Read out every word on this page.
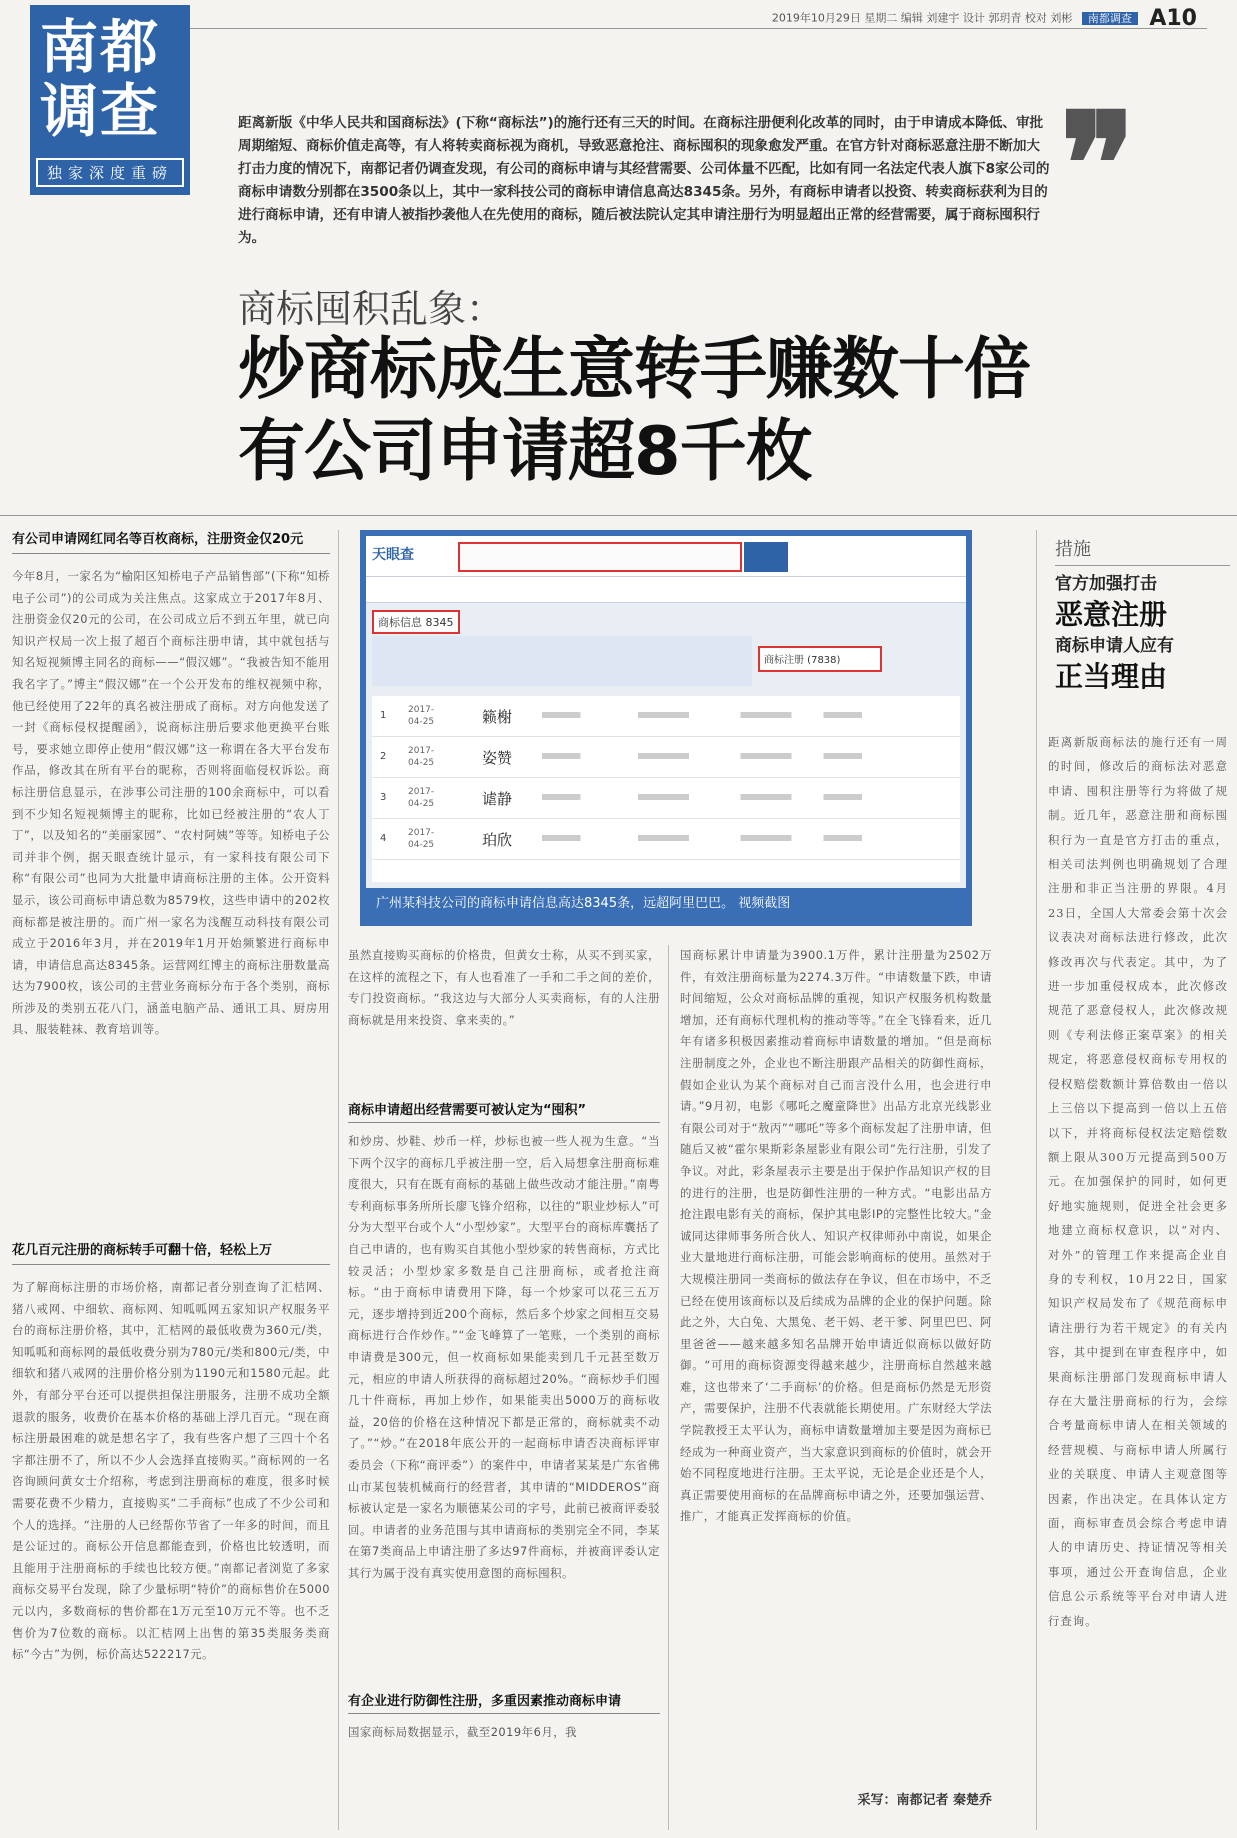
南都调查
独家深度重磅
2019年10月29日 星期二 编辑 刘建宇 设计 郭玥青 校对 刘彬 南都调查 A10
距离新版《中华人民共和国商标法》(下称“商标法”)的施行还有三天的时间。在商标注册便利化改革的同时，由于申请成本降低、审批周期缩短、商标价值走高等，有人将转卖商标视为商机，导致恶意抢注、商标囤积的现象愈发严重。在官方针对商标恶意注册不断加大打击力度的情况下，南都记者仍调查发现，有公司的商标申请与其经营需要、公司体量不匹配，比如有同一名法定代表人旗下8家公司的商标申请数分别都在3500条以上，其中一家科技公司的商标申请信息高达8345条。另外，有商标申请者以投资、转卖商标获利为目的进行商标申请，还有申请人被指抄袭他人在先使用的商标，随后被法院认定其申请注册行为明显超出正常的经营需要，属于商标囤积行为。	❞
商标囤积乱象：
炒商标成生意转手赚数十倍
有公司申请超8千枚
有公司申请网红同名等百枚商标，注册资金仅20元
今年8月，一家名为“榆阳区知桥电子产品销售部”(下称“知桥电子公司”)的公司成为关注焦点。这家成立于2017年8月、注册资金仅20元的公司，在公司成立后不到五年里，就已向知识产权局一次上报了超百个商标注册申请，其中就包括与知名短视频博主同名的商标——“假汉娜”。“我被告知不能用我名字了。”博主“假汉娜”在一个公开发布的维权视频中称，他已经使用了22年的真名被注册成了商标。对方向他发送了一封《商标侵权提醒函》，说商标注册后要求他更换平台账号，要求她立即停止使用“假汉娜”这一称谓在各大平台发布作品，修改其在所有平台的昵称，否则将面临侵权诉讼。商标注册信息显示，在涉事公司注册的100余商标中，可以看到不少知名短视频博主的昵称，比如已经被注册的“农人丁丁”，以及知名的“美丽家园”、“农村阿姨”等等。知桥电子公司并非个例，据天眼查统计显示，有一家科技有限公司下称“有限公司”也同为大批量申请商标注册的主体。公开资料显示，该公司商标申请总数为8579枚，这些申请中的202枚商标都是被注册的。而广州一家名为浅醒互动科技有限公司成立于2016年3月，并在2019年1月开始频繁进行商标申请，申请信息高达8345条。运营网红博主的商标注册数量高达为7900枚，该公司的主营业务商标分布于各个类别，商标所涉及的类别五花八门，涵盖电脑产品、通讯工具、厨房用具、服装鞋袜、教育培训等。
花几百元注册的商标转手可翻十倍，轻松上万
为了解商标注册的市场价格，南都记者分别查询了汇桔网、猪八戒网、中细软、商标网、知呱呱网五家知识产权服务平台的商标注册价格，其中，汇桔网的最低收费为360元/类，知呱呱和商标网的最低收费分别为780元/类和800元/类，中细软和猪八戒网的注册价格分别为1190元和1580元起。此外，有部分平台还可以提供担保注册服务，注册不成功全额退款的服务，收费价在基本价格的基础上浮几百元。“现在商标注册最困难的就是想名字了，我有些客户想了三四十个名字都注册不了，所以不少人会选择直接购买。”商标网的一名咨询顾问黄女士介绍称，考虑到注册商标的难度，很多时候需要花费不少精力，直接购买“二手商标”也成了不少公司和个人的选择。“注册的人已经帮你节省了一年多的时间，而且是公证过的。商标公开信息都能查到，价格也比较透明，而且能用于注册商标的手续也比较方便。”南都记者浏览了多家商标交易平台发现，除了少量标明“特价”的商标售价在5000元以内，多数商标的售价都在1万元至10万元不等。也不乏售价为7位数的商标。以汇桔网上出售的第35类服务类商标“今古”为例，标价高达522217元。
天眼查
商标信息 8345
商标注册 (7838)
1 2017-04-25	籁榭
2 2017-04-25	姿赞
3 2017-04-25	谑静
4 2017-04-25	珀欣
广州某科技公司的商标申请信息高达8345条，远超阿里巴巴。 视频截图
虽然直接购买商标的价格贵，但黄女士称，从买不到买家，在这样的流程之下，有人也看准了一手和二手之间的差价，专门投资商标。“我这边与大部分人买卖商标，有的人注册商标就是用来投资、拿来卖的。”
商标申请超出经营需要可被认定为“囤积”
和炒房、炒鞋、炒币一样，炒标也被一些人视为生意。“当下两个汉字的商标几乎被注册一空，后入局想拿注册商标难度很大，只有在既有商标的基础上做些改动才能注册。”南粤专利商标事务所所长廖飞锋介绍称，以往的“职业炒标人”可分为大型平台或个人“小型炒家”。大型平台的商标库囊括了自己申请的，也有购买自其他小型炒家的转售商标，方式比较灵活；小型炒家多数是自己注册商标，或者抢注商标。“由于商标申请费用下降，每一个炒家可以花三五万元，逐步增持到近200个商标，然后多个炒家之间相互交易商标进行合作炒作。”“金飞峰算了一笔账，一个类别的商标申请费是300元，但一枚商标如果能卖到几千元甚至数万元，相应的申请人所获得的商标超过20%。“商标炒手们囤几十件商标，再加上炒作，如果能卖出5000万的商标收益，20倍的价格在这种情况下都是正常的，商标就卖不动了。”“炒。”在2018年底公开的一起商标申请否决商标评审委员会（下称“商评委”）的案件中，申请者某某是广东省佛山市某包装机械商行的经营者，其申请的“MIDDEROS”商标被认定是一家名为顺德某公司的字号，此前已被商评委驳回。申请者的业务范围与其申请商标的类别完全不同，李某在第7类商品上申请注册了多达97件商标，并被商评委认定其行为属于没有真实使用意图的商标囤积。
有企业进行防御性注册，多重因素推动商标申请
国家商标局数据显示，截至2019年6月，我
国商标累计申请量为3900.1万件，累计注册量为2502万件，有效注册商标量为2274.3万件。“申请数量下跌，申请时间缩短，公众对商标品牌的重视，知识产权服务机构数量增加，还有商标代理机构的推动等等。”在全飞锋看来，近几年有诸多积极因素推动着商标申请数量的增加。“但是商标注册制度之外，企业也不断注册跟产品相关的防御性商标，假如企业认为某个商标对自己而言没什么用，也会进行申请。”9月初，电影《哪吒之魔童降世》出品方北京光线影业有限公司对于“敖丙”“哪吒”等多个商标发起了注册申请，但随后又被“霍尔果斯彩条屋影业有限公司”先行注册，引发了争议。对此，彩条屋表示主要是出于保护作品知识产权的目的进行的注册，也是防御性注册的一种方式。“电影出品方抢注跟电影有关的商标，保护其电影IP的完整性比较大。”金诚同达律师事务所合伙人、知识产权律师孙中南说，如果企业大量地进行商标注册，可能会影响商标的使用。虽然对于大规模注册同一类商标的做法存在争议，但在市场中，不乏已经在使用该商标以及后续成为品牌的企业的保护问题。除此之外，大白兔、大黑兔、老干妈、老干爹、阿里巴巴、阿里爸爸——越来越多知名品牌开始申请近似商标以做好防御。“可用的商标资源变得越来越少，注册商标自然越来越难，这也带来了‘二手商标’的价格。但是商标仍然是无形资产，需要保护，注册不代表就能长期使用。广东财经大学法学院教授王太平认为，商标申请数量增加主要是因为商标已经成为一种商业资产，当大家意识到商标的价值时，就会开始不同程度地进行注册。王太平说，无论是企业还是个人，真正需要使用商标的在品牌商标申请之外，还要加强运营、推广，才能真正发挥商标的价值。
采写：南都记者 秦楚乔
措施
官方加强打击
恶意注册
商标申请人应有
正当理由
距离新版商标法的施行还有一周的时间，修改后的商标法对恶意申请、囤积注册等行为将做了规制。近几年，恶意注册和商标囤积行为一直是官方打击的重点，相关司法判例也明确规划了合理注册和非正当注册的界限。4月23日，全国人大常委会第十次会议表决对商标法进行修改，此次修改再次与代表定。其中，为了进一步加重侵权成本，此次修改规范了恶意侵权人，此次修改规则《专利法修正案草案》的相关规定，将恶意侵权商标专用权的侵权赔偿数额计算倍数由一倍以上三倍以下提高到一倍以上五倍以下，并将商标侵权法定赔偿数额上限从300万元提高到500万元。在加强保护的同时，如何更好地实施规则，促进全社会更多地建立商标权意识，以“对内、对外”的管理工作来提高企业自身的专利权，10月22日，国家知识产权局发布了《规范商标申请注册行为若干规定》的有关内容，其中提到在审查程序中，如果商标注册部门发现商标申请人存在大量注册商标的行为，会综合考量商标申请人在相关领域的经营规模、与商标申请人所属行业的关联度、申请人主观意图等因素，作出决定。在具体认定方面，商标审查员会综合考虑申请人的申请历史、持证情况等相关事项，通过公开查询信息，企业信息公示系统等平台对申请人进行查询。
